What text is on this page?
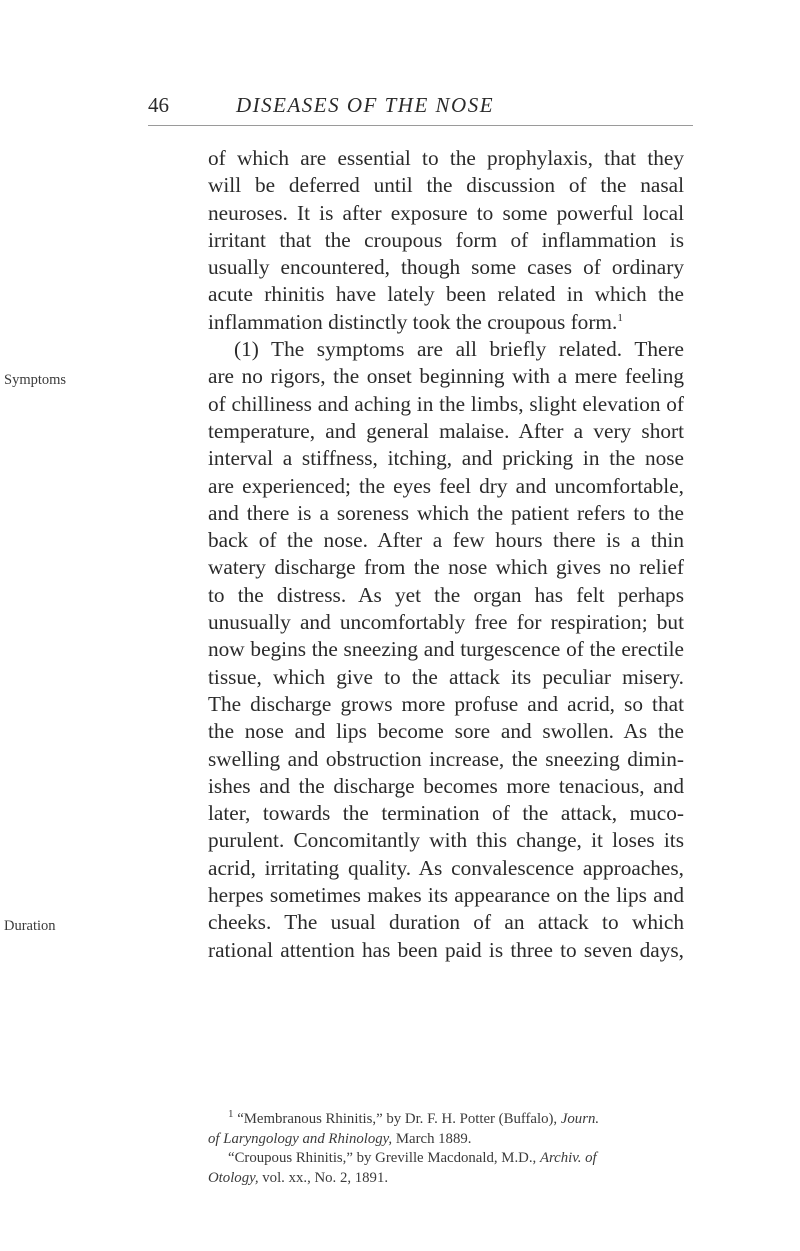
46	DISEASES OF THE NOSE
Symptoms
Duration
of which are essential to the prophylaxis, that they
will be deferred until the discussion of the nasal
neuroses. It is after exposure to some powerful local
irritant that the croupous form of inflammation is
usually encountered, though some cases of ordinary
acute rhinitis have lately been related in which the
inflammation distinctly took the croupous form.$^1$
(1) The symptoms are all briefly related. There
are no rigors, the onset beginning with a mere feeling
of chilliness and aching in the limbs, slight elevation of
temperature, and general malaise. After a very short
interval a stiffness, itching, and pricking in the nose
are experienced; the eyes feel dry and uncomfortable,
and there is a soreness which the patient refers to the
back of the nose. After a few hours there is a thin
watery discharge from the nose which gives no relief
to the distress. As yet the organ has felt perhaps
unusually and uncomfortably free for respiration; but
now begins the sneezing and turgescence of the erectile
tissue, which give to the attack its peculiar misery.
The discharge grows more profuse and acrid, so that
the nose and lips become sore and swollen. As the
swelling and obstruction increase, the sneezing dimin-
ishes and the discharge becomes more tenacious, and
later, towards the termination of the attack, muco-
purulent. Concomitantly with this change, it loses its
acrid, irritating quality. As convalescence approaches,
herpes sometimes makes its appearance on the lips and
cheeks. The usual duration of an attack to which
rational attention has been paid is three to seven days,
$^1$ “Membranous Rhinitis,” by Dr. F. H. Potter (Buffalo), Journ.
of Laryngology and Rhinology, March 1889.
“Croupous Rhinitis,” by Greville Macdonald, M.D., Archiv. of
Otology, vol. xx., No. 2, 1891.
